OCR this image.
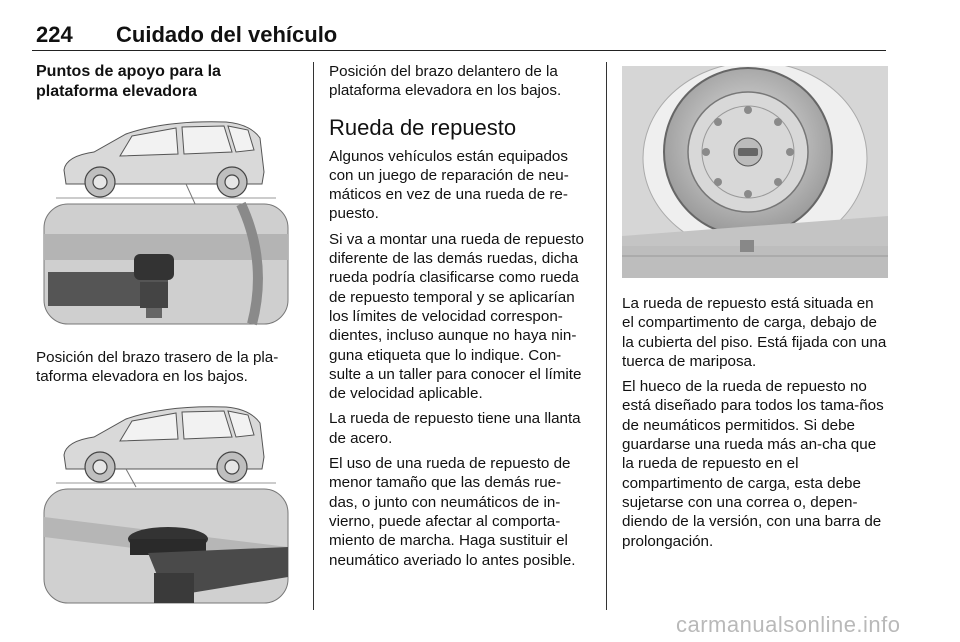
224 Cuidado del vehículo

Puntos de apoyo para la plataforma elevadora

Posición del brazo trasero de la pla-taforma elevadora en los bajos.

Posición del brazo delantero de la plataforma elevadora en los bajos.

Rueda de repuesto

Algunos vehículos están equipados con un juego de reparación de neu-máticos en vez de una rueda de re-puesto.

Si va a montar una rueda de repuesto diferente de las demás ruedas, dicha rueda podría clasificarse como rueda de repuesto temporal y se aplicarían los límites de velocidad correspon-dientes, incluso aunque no haya nin-guna etiqueta que lo indique. Con-sulte a un taller para conocer el límite de velocidad aplicable.

La rueda de repuesto tiene una llanta de acero.

El uso de una rueda de repuesto de menor tamaño que las demás rue-das, o junto con neumáticos de in-vierno, puede afectar al comporta-miento de marcha. Haga sustituir el neumático averiado lo antes posible.

La rueda de repuesto está situada en el compartimento de carga, debajo de la cubierta del piso. Está fijada con una tuerca de mariposa.

El hueco de la rueda de repuesto no está diseñado para todos los tama-ños de neumáticos permitidos. Si debe guardarse una rueda más an-cha que la rueda de repuesto en el compartimento de carga, esta debe sujetarse con una correa o, depen-diendo de la versión, con una barra de prolongación.

carmanualsonline.info
